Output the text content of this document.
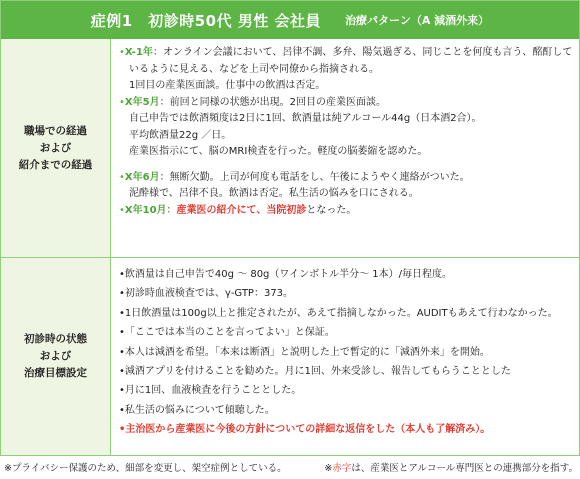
症例1　初診時50代 男性 会社員 治療パターン（A 減酒外来）
職場での経過
および
紹介までの経過

•X-1年：オンライン会議において、呂律不調、多弁、陽気過ぎる、同じことを何度も言う、酩酊して

いるように見える、などを上司や同僚から指摘される。

1回目の産業医面談。仕事中の飲酒は否定。

•X年5月：前回と同様の状態が出現。2回目の産業医面談。

自己申告では飲酒頻度は2日に1回、飲酒量は純アルコール44g（日本酒2合）。

平均飲酒量22g ／日。

産業医指示にて、脳のMRI検査を行った。軽度の脳萎縮を認めた。

•X年6月：無断欠勤。上司が何度も電話をし、午後にようやく連絡がついた。

泥酔様で、呂律不良。飲酒は否定。私生活の悩みを口にされる。

•X年10月：産業医の紹介にて、当院初診となった。

初診時の状態
および
治療目標設定

•飲酒量は自己申告で40g ～ 80g（ワインボトル半分～ 1本）/毎日程度。

•初診時血液検査では、γ‐GTP：373。

•1日飲酒量は100g以上と推定されたが、あえて指摘しなかった。AUDITもあえて行わなかった。

•「ここでは本当のことを言ってよい」と保証。

•本人は減酒を希望。「本来は断酒」と説明した上で暫定的に「減酒外来」を開始。

•減酒アプリを付けることを勧めた。月に1回、外来受診し、報告してもらうこととした

•月に1回、血液検査を行うこととした。

•私生活の悩みについて傾聴した。

•主治医から産業医に今後の方針についての詳細な返信をした（本人も了解済み）。

※プライバシー保護のため、細部を変更し、架空症例としている。	※赤字は、産業医とアルコール専門医との連携部分を指す。
